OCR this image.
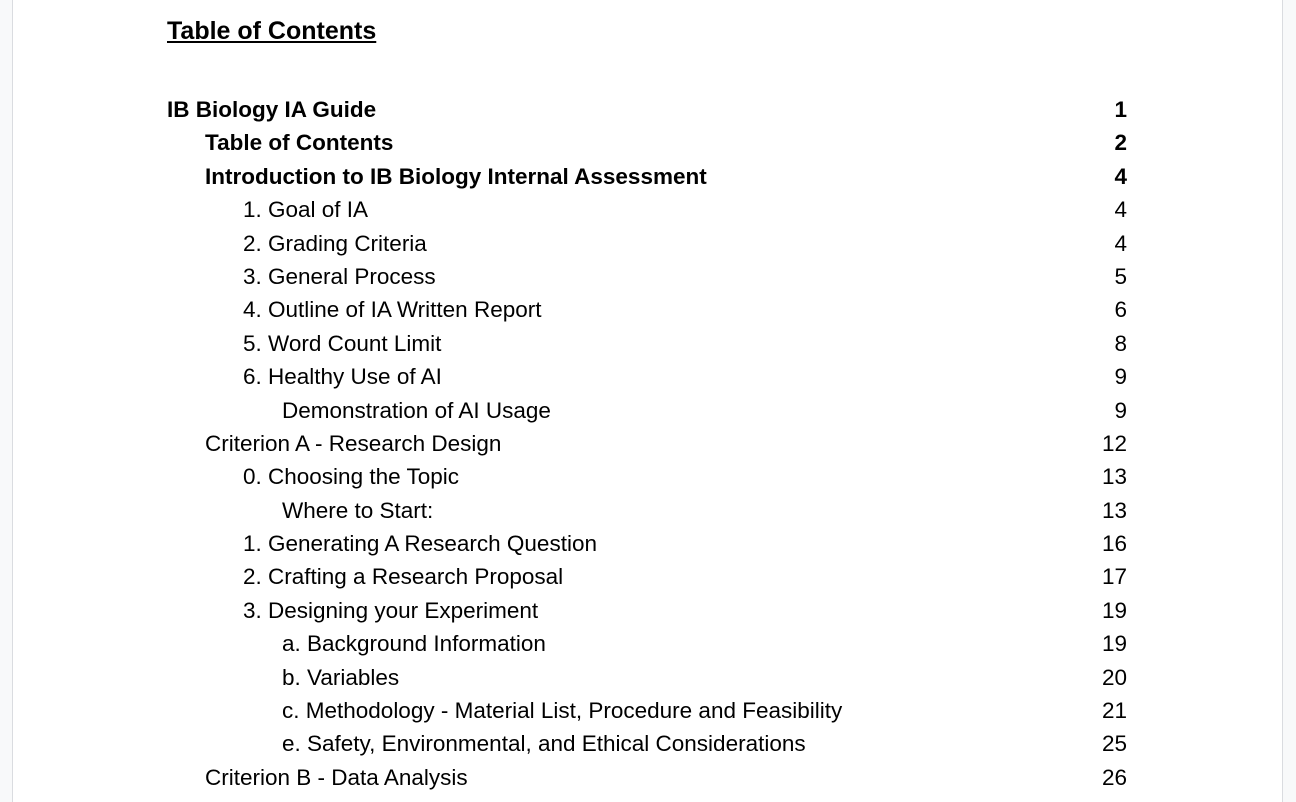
Table of Contents
IB Biology IA Guide	1
Table of Contents	2
Introduction to IB Biology Internal Assessment	4
1. Goal of IA	4
2. Grading Criteria	4
3. General Process	5
4. Outline of IA Written Report	6
5. Word Count Limit	8
6. Healthy Use of AI	9
Demonstration of AI Usage	9
Criterion A - Research Design	12
0. Choosing the Topic	13
Where to Start:	13
1. Generating A Research Question	16
2. Crafting a Research Proposal	17
3. Designing your Experiment	19
a. Background Information	19
b. Variables	20
c. Methodology - Material List, Procedure and Feasibility	21
e. Safety, Environmental, and Ethical Considerations	25
Criterion B - Data Analysis	26
